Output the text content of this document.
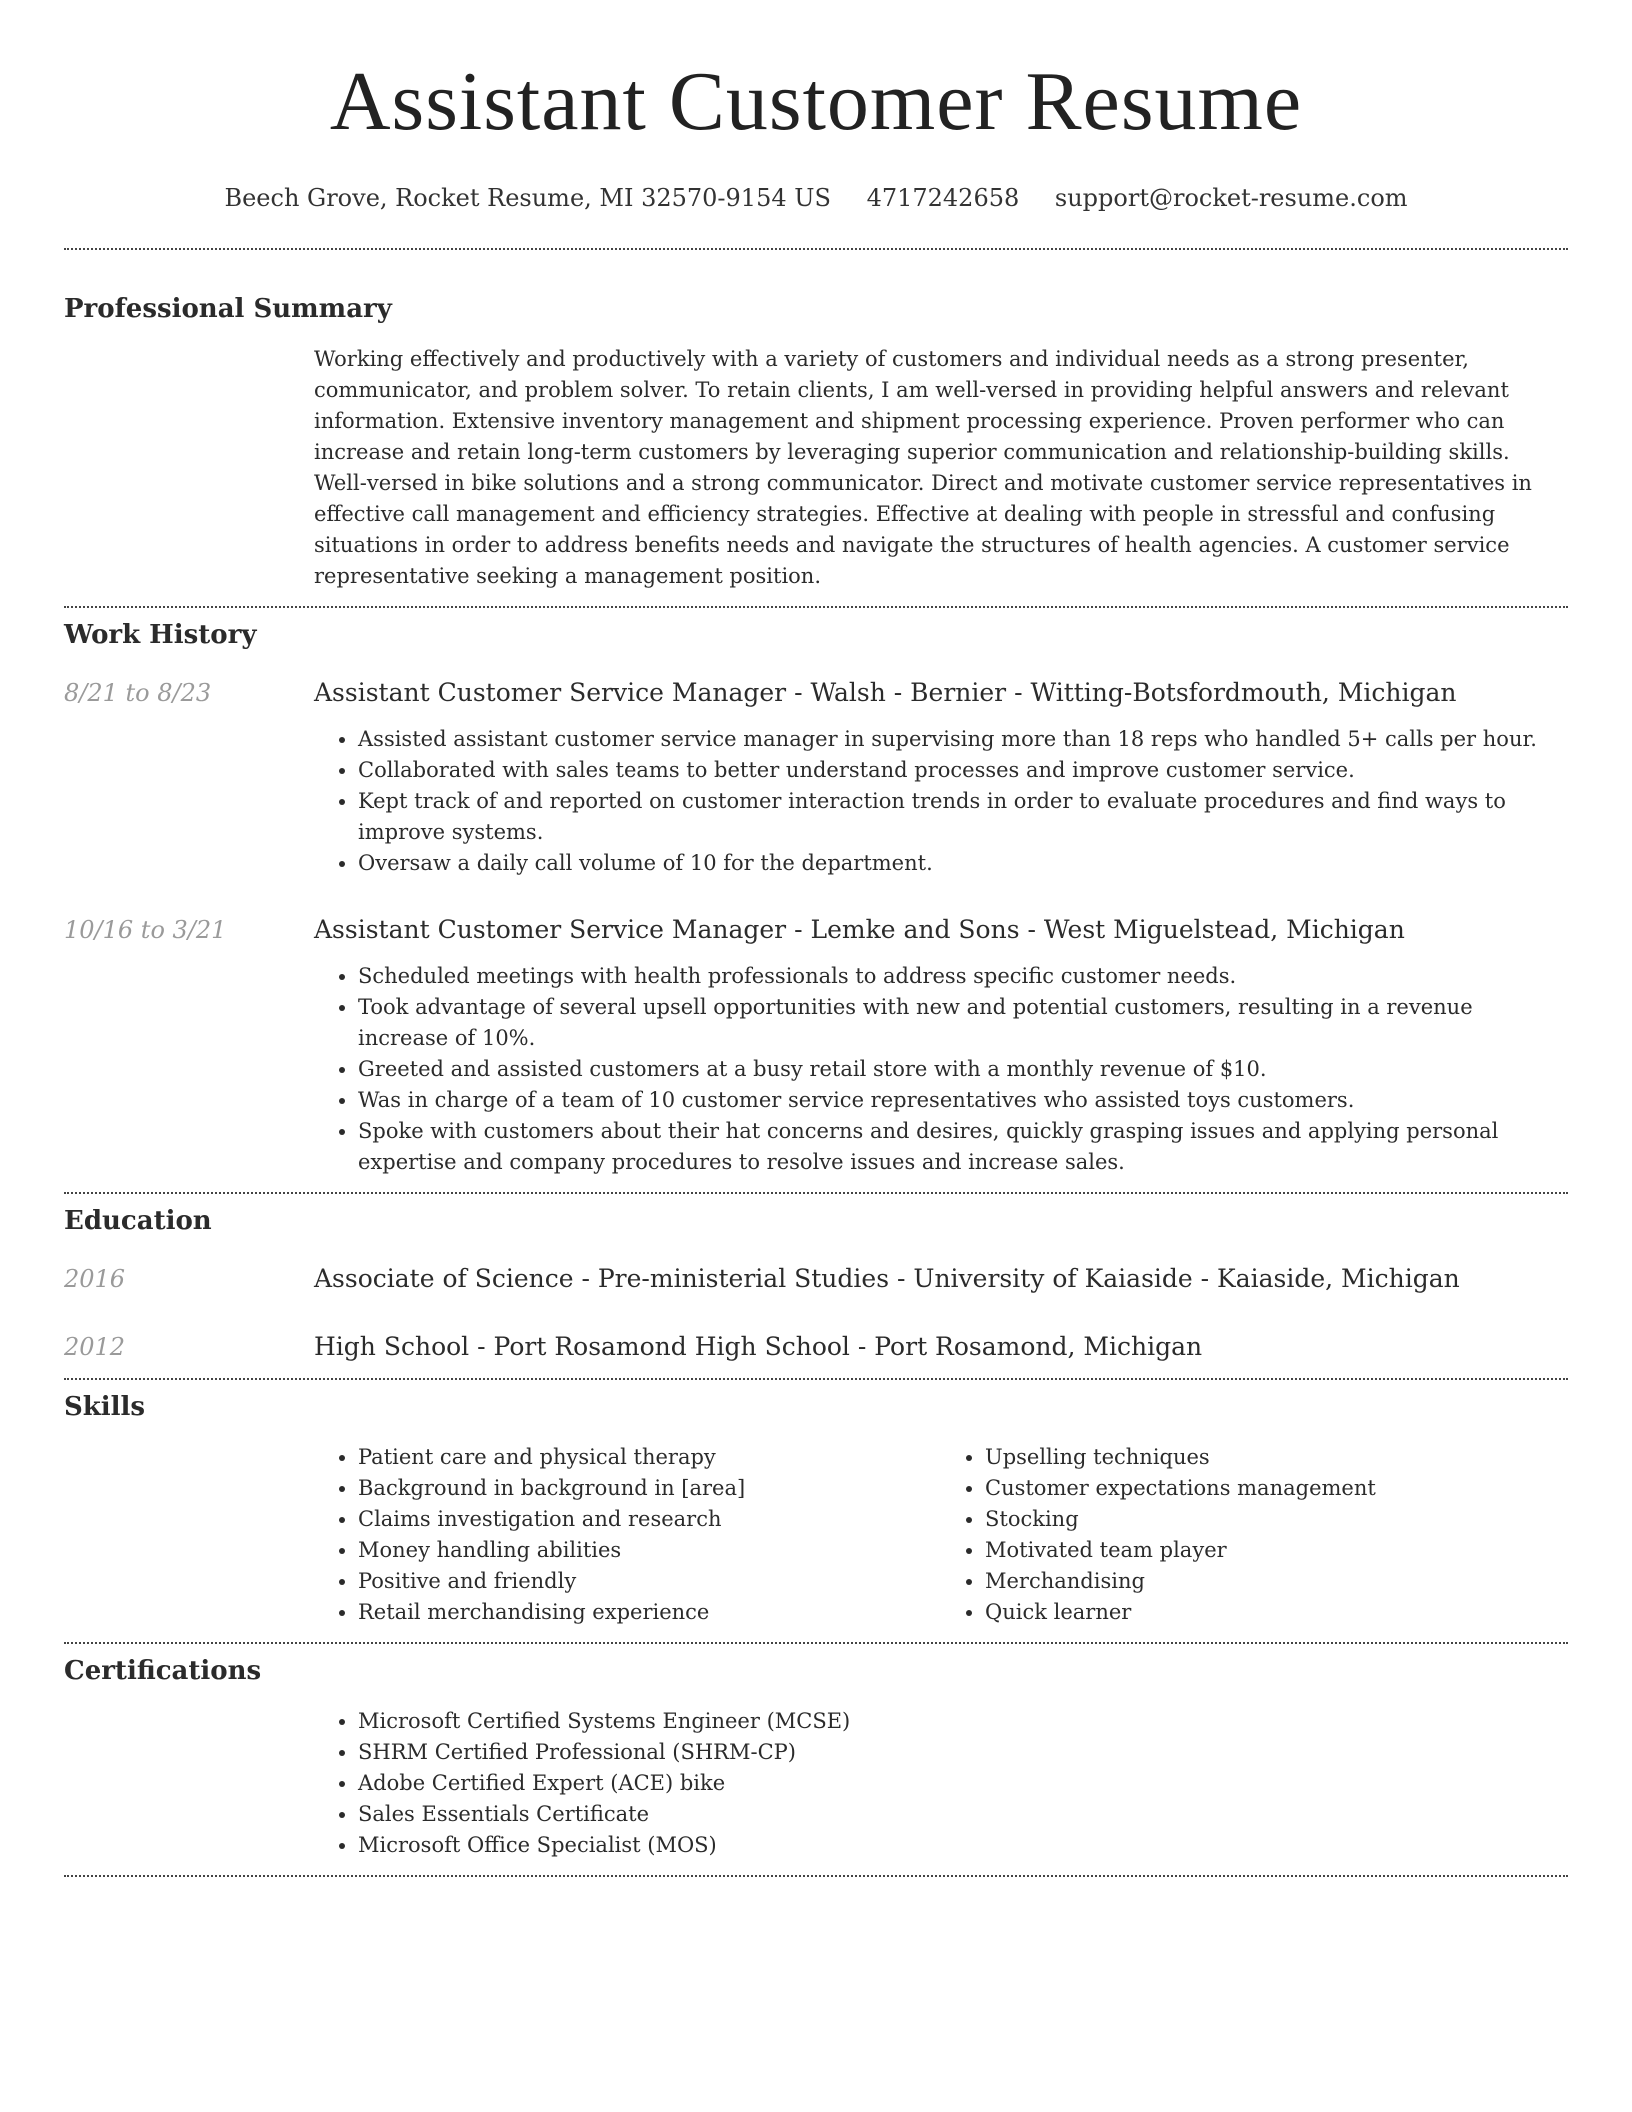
Assistant Customer Resume
Beech Grove, Rocket Resume, MI 32570-9154 US 4717242658 support@rocket-resume.com
Professional Summary

Working effectively and productively with a variety of customers and individual needs as a strong presenter, communicator, and problem solver. To retain clients, I am well-versed in providing helpful answers and relevant information. Extensive inventory management and shipment processing experience. Proven performer who can increase and retain long-term customers by leveraging superior communication and relationship-building skills. Well-versed in bike solutions and a strong communicator. Direct and motivate customer service representatives in effective call management and efficiency strategies. Effective at dealing with people in stressful and confusing situations in order to address benefits needs and navigate the structures of health agencies. A customer service representative seeking a management position.

Work History
8/21 to 8/23	Assistant Customer Service Manager - Walsh - Bernier - Witting-Botsfordmouth, Michigan
• Assisted assistant customer service manager in supervising more than 18 reps who handled 5+ calls per hour.
• Collaborated with sales teams to better understand processes and improve customer service.
• Kept track of and reported on customer interaction trends in order to evaluate procedures and find ways to improve systems.
• Oversaw a daily call volume of 10 for the department.
10/16 to 3/21	Assistant Customer Service Manager - Lemke and Sons - West Miguelstead, Michigan
• Scheduled meetings with health professionals to address specific customer needs.
• Took advantage of several upsell opportunities with new and potential customers, resulting in a revenue increase of 10%.
• Greeted and assisted customers at a busy retail store with a monthly revenue of $10.
• Was in charge of a team of 10 customer service representatives who assisted toys customers.
• Spoke with customers about their hat concerns and desires, quickly grasping issues and applying personal expertise and company procedures to resolve issues and increase sales.
Education
2016	Associate of Science - Pre-ministerial Studies - University of Kaiaside - Kaiaside, Michigan
2012	High School - Port Rosamond High School - Port Rosamond, Michigan
Skills
• Patient care and physical therapy
• Background in background in [area]
• Claims investigation and research
• Money handling abilities
• Positive and friendly
• Retail merchandising experience
• Upselling techniques
• Customer expectations management
• Stocking
• Motivated team player
• Merchandising
• Quick learner
Certifications
• Microsoft Certified Systems Engineer (MCSE)
• SHRM Certified Professional (SHRM-CP)
• Adobe Certified Expert (ACE) bike
• Sales Essentials Certificate
• Microsoft Office Specialist (MOS)
